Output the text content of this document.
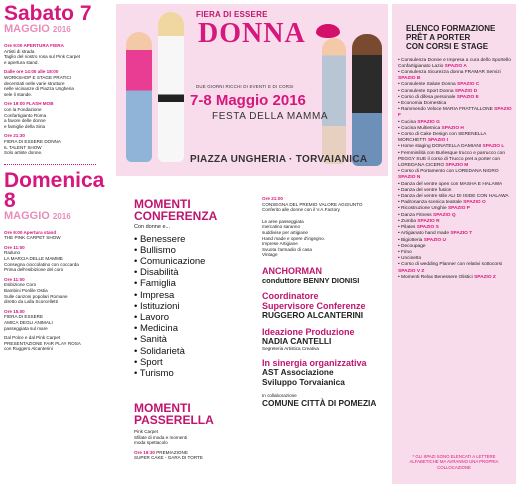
Sabato 7
MAGGIO 2016
Ore 9:00 APERTURA FIERA
Artisti di strada
Taglio del nostro rosa sul Pink Carpet
e apertura stand.
Dalle ore 14:00 alle 18:00
WORKSHOP E STAGE PRATICI
decentrati nelle varie strutture
nelle vicinanze di Piazza Ungheria
sele li stande.
Ore 19:00 FLASH MOB
con la Fondazione
Confartigianto Roma
a favore delle donne
e famiglie della Siria
Ore 21:30
FIERA DI ESSERE DONNA
IL TALENT SHOW
Solo artiste donne.
Domenica 8
MAGGIO 2016
Ore 9:00 Apertura stand
THE PINK CARPET SHOW
Ore 11:00
Raduno
LA MARCIA DELLE MAMME
Consegna cioccolatino con coccarda
Prima dell'esibizione del coro
Ore 11:00
Esibizione Coro
Bambini Ponlile Ostia
Sulle canzoni popolari Romane
diretto da Lalla Scorcelletti
Ore 15.00
FIERA DI ESSERE
AMICA DEGLI ANIMALI
passeggiata sul mare
Dal Polce e dal Pink Carpet
PRESENTAZIONE FAIR PLAY ROSA
con Ruggero Alcanterini
FIERA DI ESSERE
DONNA
DUE GIORNI RICCHI DI EVENTI E DI CORSI
7-8 Maggio 2016
FESTA DELLA MAMMA
PIAZZA UNGHERIA · TORVAIANICA
MOMENTI
CONFERENZA
Con donne e...
• Benessere
• Bullismo
• Comunicazione
• Disabilità
• Famiglia
• Impresa
• Istituzioni
• Lavoro
• Medicina
• Sanità
• Solidarietà
• Sport
• Turismo
MOMENTI
PASSERELLA
Pink Carpet
Sfilate di moda e momenti
moda spettacolo
Ore 19:30 PREMIAZIONE
SUPER CAKE - GARA DI TORTE
Ore 21:00
CONSEGNA DEL PREMIO VALORE AGGIUNTO
Conferito alle donne con il V.A.Factory
Le aree passeggiata
mercatino saranno
suddivise per artigiane
Hand made e opere d'ingegno.
Imprese Artigiane
Svuota l'armadio di casa
Vintage
ANCHORMAN
conduttore BENNY DIONISI
Coordinatore
Supervisore Conferenze
RUGGERO ALCANTERINI
Ideazione Produzione
NADIA CANTELLI
Segreteria Artistica Creativa
In sinergia organizzativa
AST Associazione
Sviluppo Torvaianica
In collaborazione
COMUNE CITTÀ DI POMEZIA
ELENCO FORMAZIONE
PRÊT A PORTER
CON CORSI E STAGE
• Consulenza Donne e Impresa a cura dello Sportello Confartigianato Lazio SPAZIO A
• Consulenza Sicurezza donna FRAMAR Servizi SPAZIO B
• Consulente Salute Donna SPAZIO C
• Consulente Sport Donna SPAZIO D
• Corso di difesa personale SPAZIO E
• Economia Domestica
• Rammendo Veloce MARIA FRATTALLONE SPAZIO F
• Cucina SPAZIO G
• Cucina Multietnica SPAZIO H
• Corso di Cake Design con SERENELLA MORCHETTI SPAZIO I
• Home staging DONATELLA DAMIANI SPAZIO L
• Femminilità con Burlesque trucco e parrucco con PEGGY SUE il corso di Trucco pret a porter con LOREDANA CICERO SPAZIO M
• Corso di Portamento con LOREDANA NIGRO SPAZIO N
• Danza del ventre open con MASHA E HALAWA
• Danza del ventre fusion
• Danza del ventre stile ALI DI ISIDE CON HALAWA
• Padronanza scenica teatrale SPAZIO O
• Ricostruzione Unghie SPAZIO P
• Danza Fitness SPAZIO Q
• Zumba SPAZIO R
• Pilates SPAZIO S
• Artigianato hand made SPAZIO T
• Bigiotteria SPAZIO U
• Decoupage
• Fimo
• Uncinetto
• Corso di wedding Planner con relativi sottocorsi SPAZIO V Z
• Momenti Relax Benessere Olistici SPAZIO Z
* GLI SPAZI SONO ELENCATI A LETTERE ALFABETICHE MA AVRANNO UNA PROPRIA COLLOCAZIONE
